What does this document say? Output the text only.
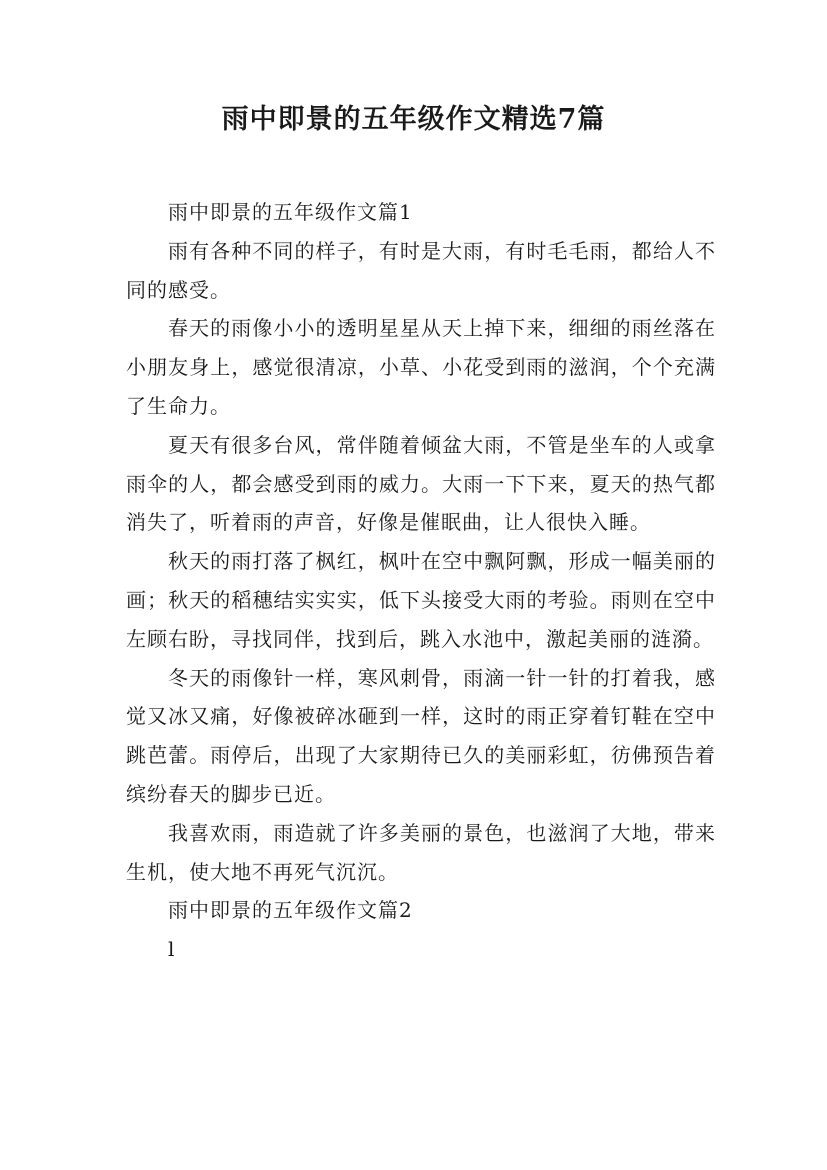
雨中即景的五年级作文精选7篇

雨中即景的五年级作文篇1

雨有各种不同的样子，有时是大雨，有时毛毛雨，都给人不同的感受。

春天的雨像小小的透明星星从天上掉下来，细细的雨丝落在小朋友身上，感觉很清凉，小草、小花受到雨的滋润，个个充满了生命力。

夏天有很多台风，常伴随着倾盆大雨，不管是坐车的人或拿雨伞的人，都会感受到雨的威力。大雨一下下来，夏天的热气都消失了，听着雨的声音，好像是催眠曲，让人很快入睡。

秋天的雨打落了枫红，枫叶在空中飘阿飘，形成一幅美丽的画；秋天的稻穗结实实实，低下头接受大雨的考验。雨则在空中左顾右盼，寻找同伴，找到后，跳入水池中，激起美丽的涟漪。

冬天的雨像针一样，寒风刺骨，雨滴一针一针的打着我，感觉又冰又痛，好像被碎冰砸到一样，这时的雨正穿着钉鞋在空中跳芭蕾。雨停后，出现了大家期待已久的美丽彩虹，彷佛预告着缤纷春天的脚步已近。

我喜欢雨，雨造就了许多美丽的景色，也滋润了大地，带来生机，使大地不再死气沉沉。

雨中即景的五年级作文篇2

l
